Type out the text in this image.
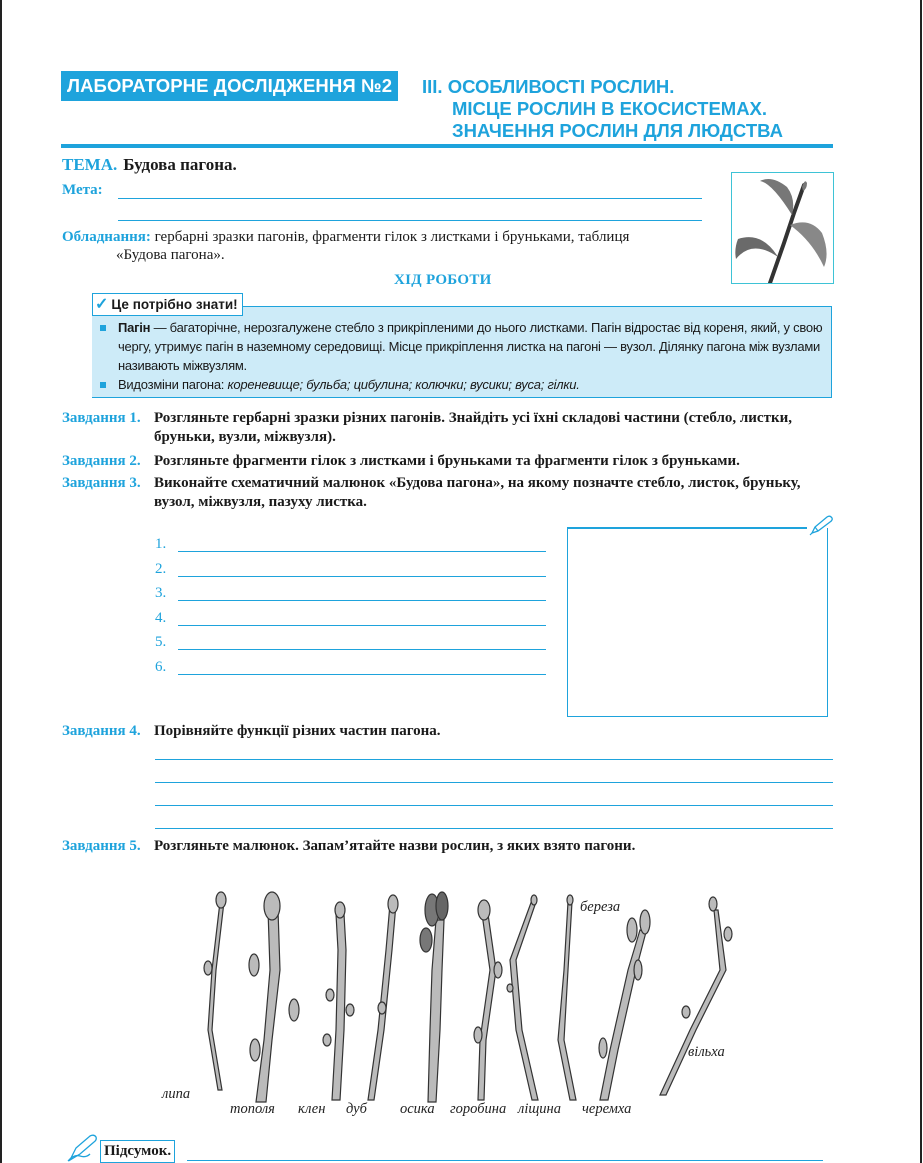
ЛАБОРАТОРНЕ ДОСЛІДЖЕННЯ №2	ІІІ. ОСОБЛИВОСТІ РОСЛИН.
МІСЦЕ РОСЛИН В ЕКОСИСТЕМАХ.
ЗНАЧЕННЯ РОСЛИН ДЛЯ ЛЮДСТВА
ТЕМА. Будова пагона.
Мета:
Обладнання: гербарні зразки пагонів, фрагменти гілок з листками і бруньками, таблиця
«Будова пагона».
ХІД РОБОТИ
✓ Це потрібно знати!
Пагін — багаторічне, нерозгалужене стебло з прикріпленими до нього листками. Пагін відростає від кореня, який, у свою чергу, утримує пагін в наземному середовищі. Місце прикріплення листка на пагоні — вузол. Ділянку пагона між вузлами називають міжвузлям.
Видозміни пагона: кореневище; бульба; цибулина; колючки; вусики; вуса; гілки.
Завдання 1. Розгляньте гербарні зразки різних пагонів. Знайдіть усі їхні складові частини (стебло, листки,
бруньки, вузли, міжвузля).
Завдання 2. Розгляньте фрагменти гілок з листками і бруньками та фрагменти гілок з бруньками.
Завдання 3. Виконайте схематичний малюнок «Будова пагона», на якому позначте стебло, листок, бруньку,
вузол, міжвузля, пазуху листка.
1.
2.
3.
4.
5.
6.
Завдання 4. Порівняйте функції різних частин пагона.
Завдання 5. Розгляньте малюнок. Запам’ятайте назви рослин, з яких взято пагони.
липа
тополя клен дуб осика горобина ліщина
береза
черемха
вільха
Підсумок.
